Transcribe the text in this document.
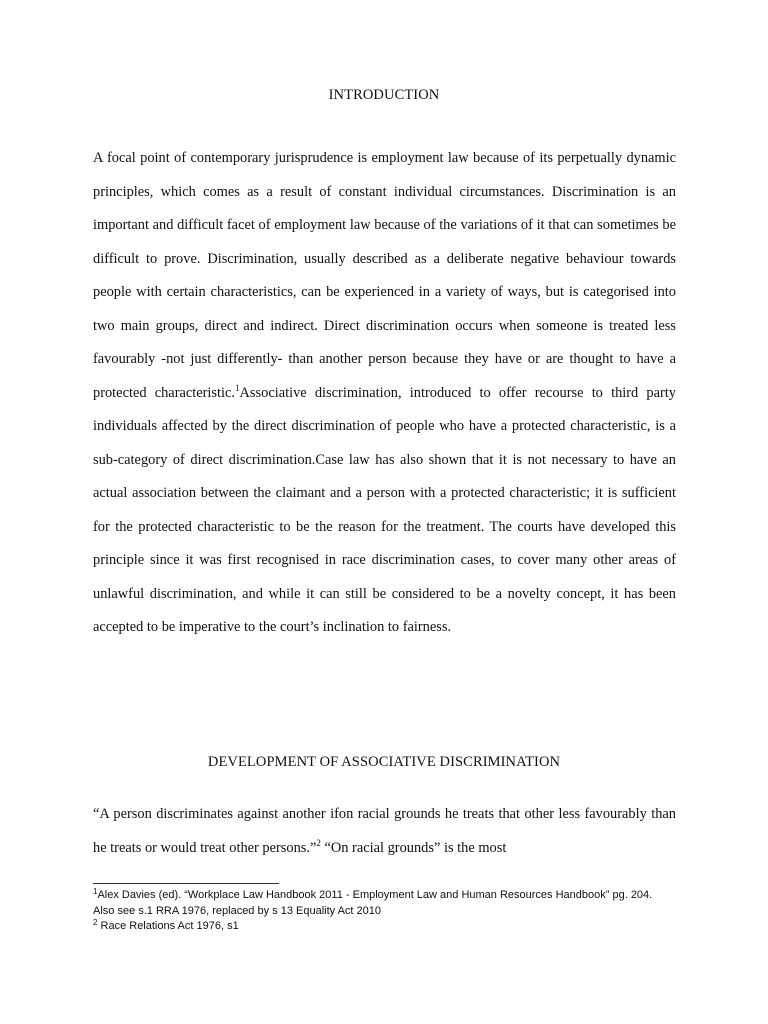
INTRODUCTION
A focal point of contemporary jurisprudence is employment law because of its perpetually dynamic principles, which comes as a result of constant individual circumstances. Discrimination is an important and difficult facet of employment law because of the variations of it that can sometimes be difficult to prove. Discrimination, usually described as a deliberate negative behaviour towards people with certain characteristics, can be experienced in a variety of ways, but is categorised into two main groups, direct and indirect. Direct discrimination occurs when someone is treated less favourably -not just differently- than another person because they have or are thought to have a protected characteristic.$^1$Associative discrimination, introduced to offer recourse to third party individuals affected by the direct discrimination of people who have a protected characteristic, is a sub-category of direct discrimination.Case law has also shown that it is not necessary to have an actual association between the claimant and a person with a protected characteristic; it is sufficient for the protected characteristic to be the reason for the treatment. The courts have developed this principle since it was first recognised in race discrimination cases, to cover many other areas of unlawful discrimination, and while it can still be considered to be a novelty concept, it has been accepted to be imperative to the court’s inclination to fairness.
DEVELOPMENT OF ASSOCIATIVE DISCRIMINATION
“A person discriminates against another ifon racial grounds he treats that other less favourably than he treats or would treat other persons.”$^2$ “On racial grounds” is the most
$^1$Alex Davies (ed). “Workplace Law Handbook 2011 - Employment Law and Human Resources Handbook” pg. 204. Also see s.1 RRA 1976, replaced by s 13 Equality Act 2010
$^2$ Race Relations Act 1976, s1
